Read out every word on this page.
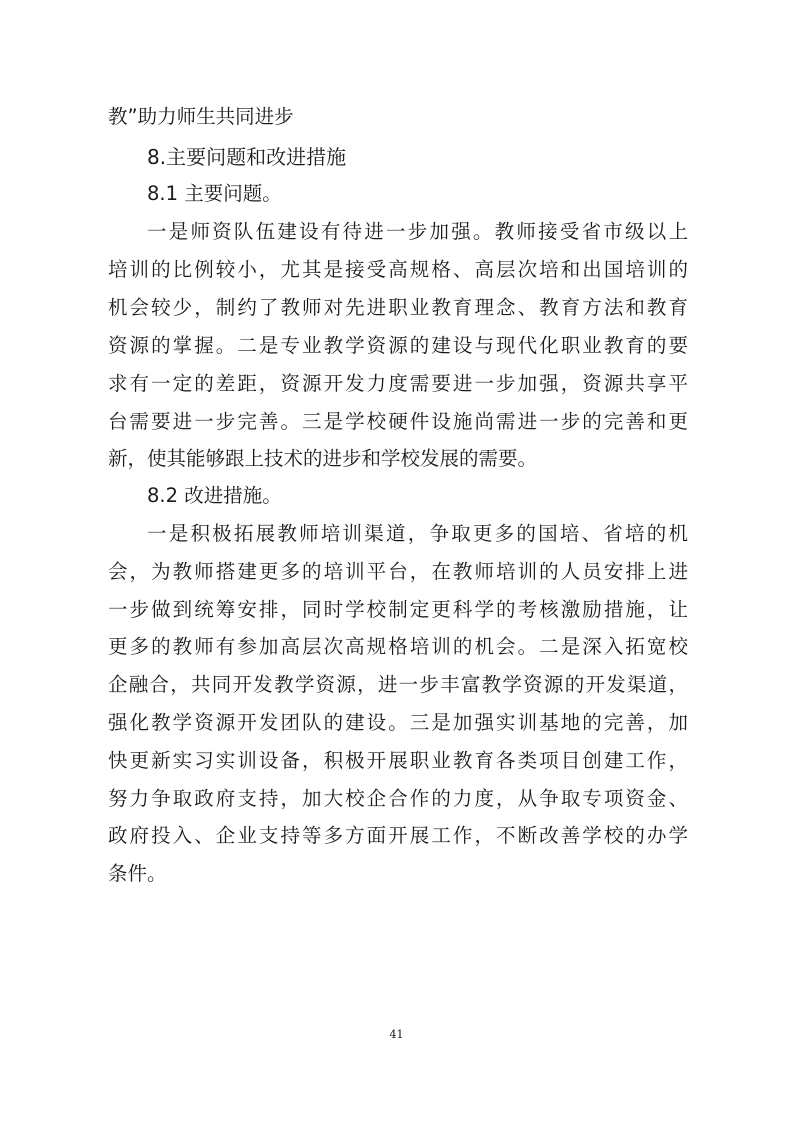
教”助力师生共同进步
8.主要问题和改进措施
8.1 主要问题。
一是师资队伍建设有待进一步加强。教师接受省市级以上
培训的比例较小，尤其是接受高规格、高层次培和出国培训的
机会较少，制约了教师对先进职业教育理念、教育方法和教育
资源的掌握。二是专业教学资源的建设与现代化职业教育的要
求有一定的差距，资源开发力度需要进一步加强，资源共享平
台需要进一步完善。三是学校硬件设施尚需进一步的完善和更
新，使其能够跟上技术的进步和学校发展的需要。
8.2 改进措施。
一是积极拓展教师培训渠道，争取更多的国培、省培的机
会，为教师搭建更多的培训平台，在教师培训的人员安排上进
一步做到统筹安排，同时学校制定更科学的考核激励措施，让
更多的教师有参加高层次高规格培训的机会。二是深入拓宽校
企融合，共同开发教学资源，进一步丰富教学资源的开发渠道，
强化教学资源开发团队的建设。三是加强实训基地的完善，加
快更新实习实训设备，积极开展职业教育各类项目创建工作，
努力争取政府支持，加大校企合作的力度，从争取专项资金、
政府投入、企业支持等多方面开展工作，不断改善学校的办学
条件。
41
